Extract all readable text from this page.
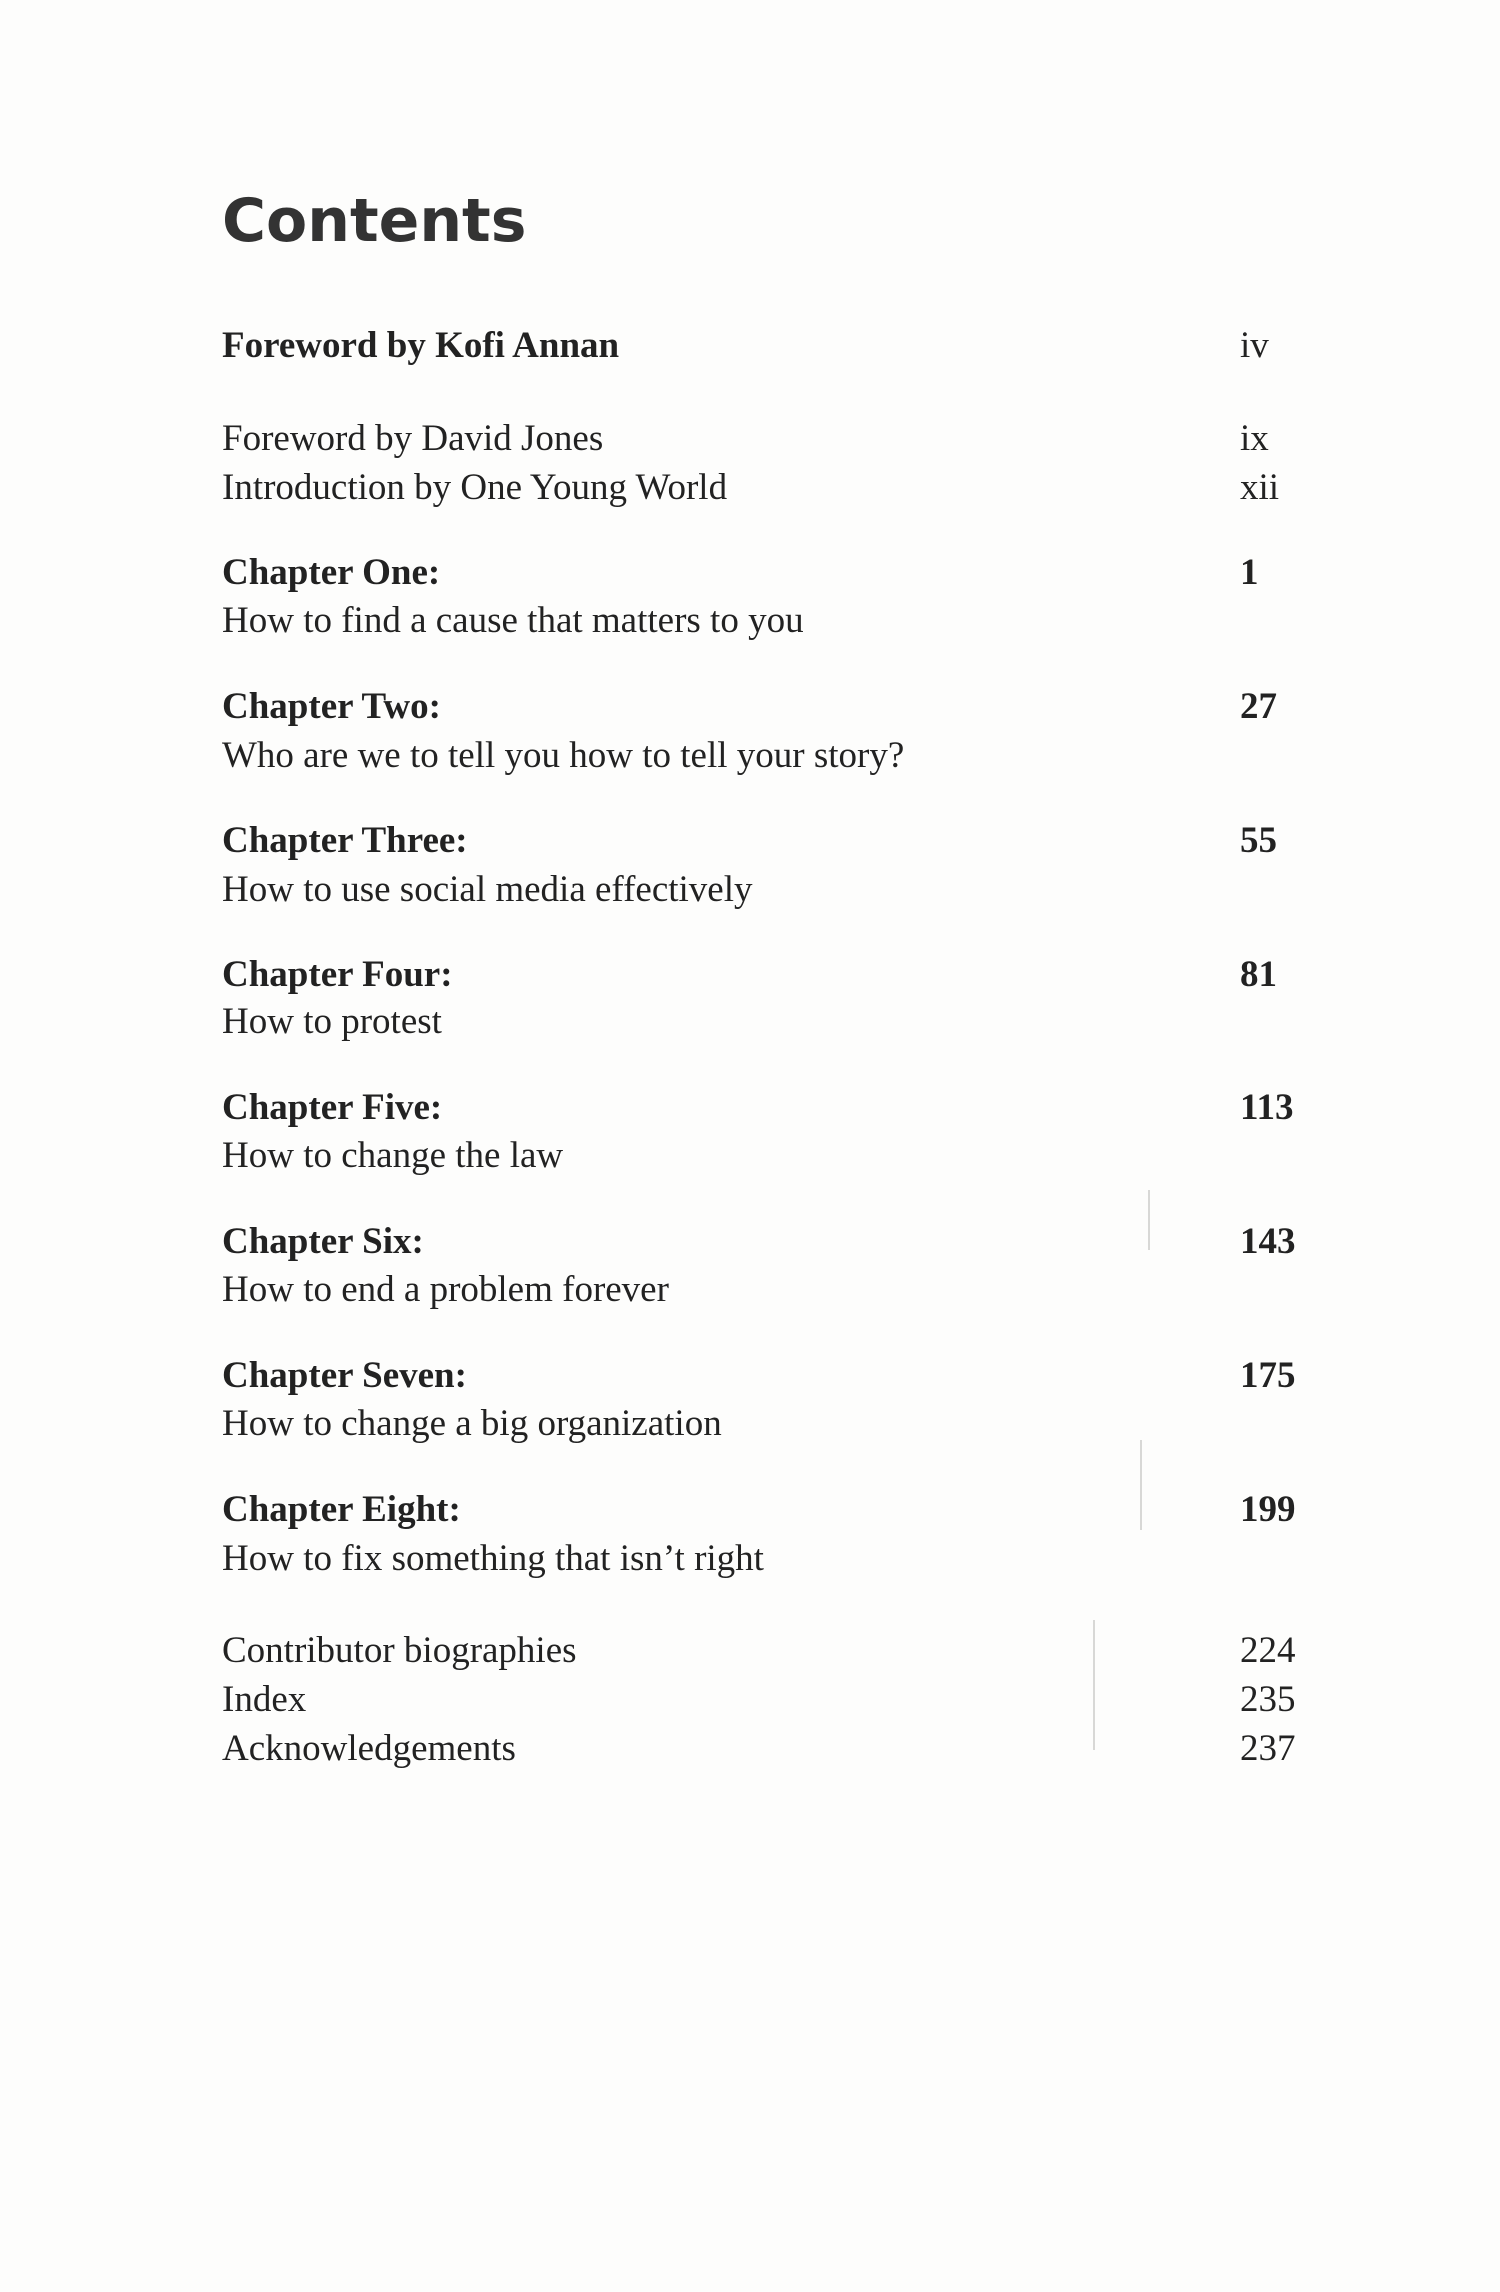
Contents
Foreword by Kofi Annan	iv
Foreword by David Jones	ix
Introduction by One Young World	xii
Chapter One:	1
How to find a cause that matters to you
Chapter Two:	27
Who are we to tell you how to tell your story?
Chapter Three:	55
How to use social media effectively
Chapter Four:	81
How to protest
Chapter Five:	113
How to change the law
Chapter Six:	143
How to end a problem forever
Chapter Seven:	175
How to change a big organization
Chapter Eight:	199
How to fix something that isn’t right
Contributor biographies	224
Index	235
Acknowledgements	237
